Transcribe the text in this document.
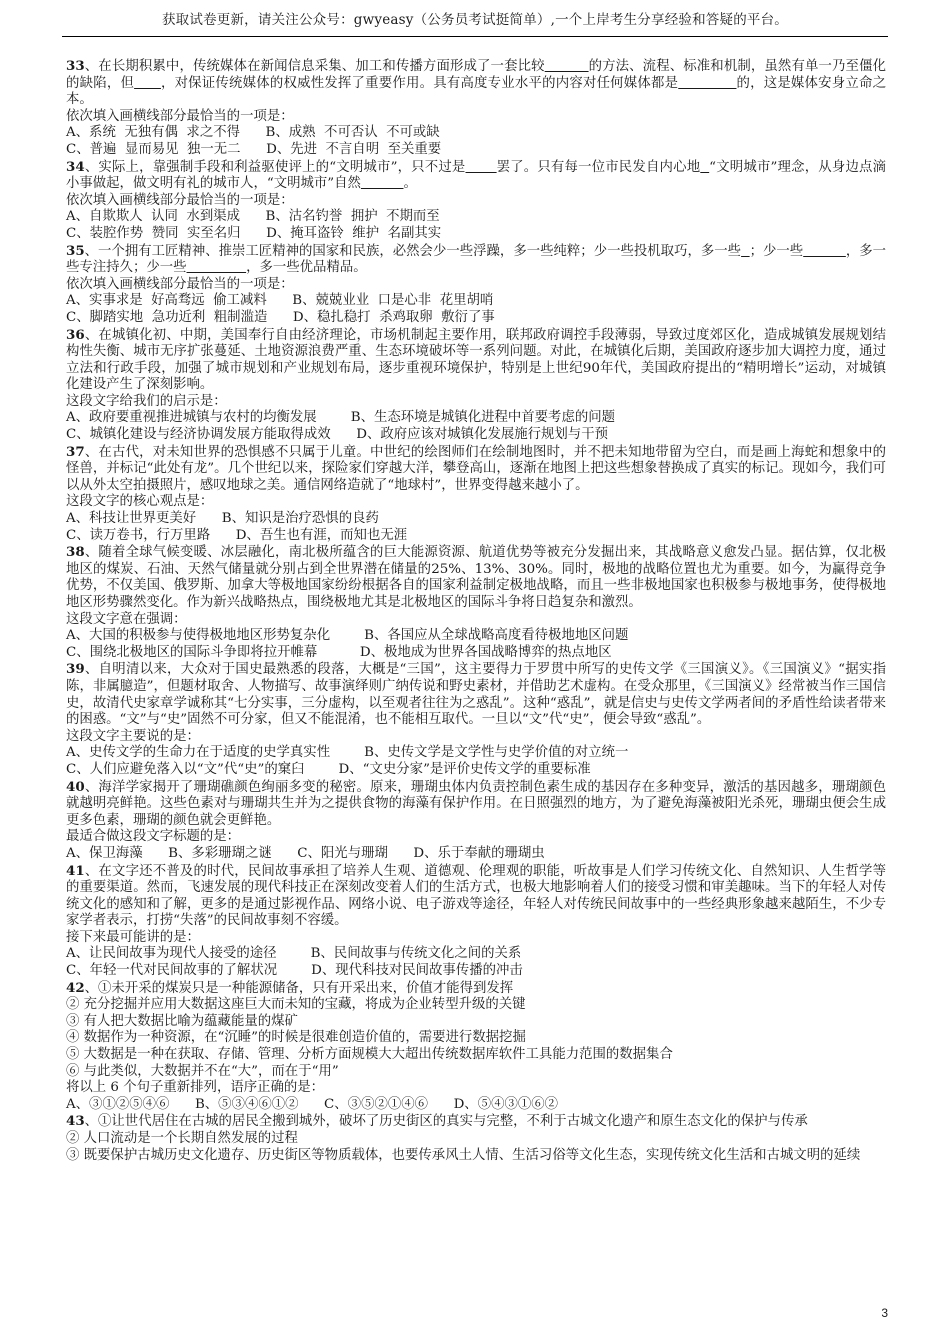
获取试卷更新，请关注公众号：gwyeasy（公务员考试挺简单）,一个上岸考生分享经验和答疑的平台。

33、在长期积累中，传统媒体在新闻信息采集、加工和传播方面形成了一套比较	的方法、流程、标准和机制，虽然有单一乃至僵化的缺陷，但 ，对保证传统媒体的权威性发挥了重要作用。具有高度专业水平的内容对任何媒体都是	的，这是媒体安身立命之本。

依次填入画横线部分最恰当的一项是：

A、系统  无独有偶  求之不得      B、成熟  不可否认  不可或缺

C、普遍  显而易见  独一无二      D、先进  不言自明  至关重要

34、实际上，靠强制手段和利益驱使评上的“文明城市”，只不过是 罢了。只有每一位市民发自内心地 “文明城市”理念，从身边点滴小事做起，做文明有礼的城市人，“文明城市”自然	。

依次填入画横线部分最恰当的一项是：

A、自欺欺人  认同  水到渠成      B、沽名钓誉  拥护  不期而至

C、装腔作势  赞同  实至名归      D、掩耳盗铃  维护  名副其实

35、一个拥有工匠精神、推崇工匠精神的国家和民族，必然会少一些浮躁，多一些纯粹；少一些投机取巧，多一些 ；少一些	，多一些专注持久；少一些	，多一些优品精品。

依次填入画横线部分最恰当的一项是：

A、实事求是  好高骛远  偷工减料      B、兢兢业业  口是心非  花里胡哨

C、脚踏实地  急功近利  粗制滥造      D、稳扎稳打  杀鸡取卵  敷衍了事

36、在城镇化初、中期，美国奉行自由经济理论，市场机制起主要作用，联邦政府调控手段薄弱，导致过度郊区化，造成城镇发展规划结构性失衡、城市无序扩张蔓延、土地资源浪费严重、生态环境破坏等一系列问题。对此，在城镇化后期，美国政府逐步加大调控力度，通过立法和行政手段，加强了城市规划和产业规划布局，逐步重视环境保护，特别是上世纪90年代，美国政府提出的“精明增长”运动，对城镇化建设产生了深刻影响。

这段文字给我们的启示是：

A、政府要重视推进城镇与农村的均衡发展        B、生态环境是城镇化进程中首要考虑的问题

C、城镇化建设与经济协调发展方能取得成效      D、政府应该对城镇化发展施行规划与干预

37、在古代，对未知世界的恐惧感不只属于儿童。中世纪的绘图师们在绘制地图时，并不把未知地带留为空白，而是画上海蛇和想象中的怪兽，并标记“此处有龙”。几个世纪以来，探险家们穿越大洋，攀登高山，逐渐在地图上把这些想象替换成了真实的标记。现如今，我们可以从外太空拍摄照片，感叹地球之美。通信网络造就了“地球村”，世界变得越来越小了。

这段文字的核心观点是：

A、科技让世界更美好      B、知识是治疗恐惧的良药

C、读万卷书，行万里路      D、吾生也有涯，而知也无涯

38、随着全球气候变暖、冰层融化，南北极所蕴含的巨大能源资源、航道优势等被充分发掘出来，其战略意义愈发凸显。据估算，仅北极地区的煤炭、石油、天然气储量就分别占到全世界潜在储量的25%、13%、30%。同时，极地的战略位置也尤为重要。如今，为赢得竞争优势，不仅美国、俄罗斯、加拿大等极地国家纷纷根据各自的国家利益制定极地战略，而且一些非极地国家也积极参与极地事务，使得极地地区形势骤然变化。作为新兴战略热点，围绕极地尤其是北极地区的国际斗争将日趋复杂和激烈。

这段文字意在强调：

A、大国的积极参与使得极地地区形势复杂化        B、各国应从全球战略高度看待极地地区问题

C、围绕北极地区的国际斗争即将拉开帷幕          D、极地成为世界各国战略博弈的热点地区

39、自明清以来，大众对于国史最熟悉的段落，大概是“三国”，这主要得力于罗贯中所写的史传文学《三国演义》。《三国演义》“据实指陈，非属臆造”，但题材取舍、人物描写、故事演绎则广纳传说和野史素材，并借助艺术虚构。在受众那里，《三国演义》经常被当作三国信史，故清代史家章学诚称其“七分实事，三分虚构，以至观者往往为之惑乱”。这种“惑乱”，就是信史与史传文学两者间的矛盾性给读者带来的困惑。“文”与“史”固然不可分家，但又不能混淆，也不能相互取代。一旦以“文”代“史”，便会导致“惑乱”。

这段文字主要说的是：

A、史传文学的生命力在于适度的史学真实性        B、史传文学是文学性与史学价值的对立统一

C、人们应避免落入以“文”代“史”的窠臼        D、“文史分家”是评价史传文学的重要标准

40、海洋学家揭开了珊瑚礁颜色绚丽多变的秘密。原来，珊瑚虫体内负责控制色素生成的基因存在多种变异，激活的基因越多，珊瑚颜色就越明亮鲜艳。这些色素对与珊瑚共生并为之提供食物的海藻有保护作用。在日照强烈的地方，为了避免海藻被阳光杀死，珊瑚虫便会生成更多色素，珊瑚的颜色就会更鲜艳。

最适合做这段文字标题的是：

A、保卫海藻      B、多彩珊瑚之谜      C、阳光与珊瑚      D、乐于奉献的珊瑚虫

41、在文字还不普及的时代，民间故事承担了培养人生观、道德观、伦理观的职能，听故事是人们学习传统文化、自然知识、人生哲学等的重要渠道。然而，飞速发展的现代科技正在深刻改变着人们的生活方式，也极大地影响着人们的接受习惯和审美趣味。当下的年轻人对传统文化的感知和了解，更多的是通过影视作品、网络小说、电子游戏等途径，年轻人对传统民间故事中的一些经典形象越来越陌生，不少专家学者表示，打捞“失落”的民间故事刻不容缓。

接下来最可能讲的是：

A、让民间故事为现代人接受的途径        B、民间故事与传统文化之间的关系

C、年轻一代对民间故事的了解状况        D、现代科技对民间故事传播的冲击

42、①未开采的煤炭只是一种能源储备，只有开采出来，价值才能得到发挥

② 充分挖掘并应用大数据这座巨大而未知的宝藏，将成为企业转型升级的关键

③ 有人把大数据比喻为蕴藏能量的煤矿

④ 数据作为一种资源，在“沉睡”的时候是很难创造价值的，需要进行数据挖掘

⑤ 大数据是一种在获取、存储、管理、分析方面规模大大超出传统数据库软件工具能力范围的数据集合

⑥ 与此类似，大数据并不在“大”，而在于“用”

将以上 6 个句子重新排列，语序正确的是：

A、③①②⑤④⑥      B、⑤③④⑥①②      C、③⑤②①④⑥      D、⑤④③①⑥②

43、①让世代居住在古城的居民全搬到城外，破坏了历史街区的真实与完整，不利于古城文化遗产和原生态文化的保护与传承

② 人口流动是一个长期自然发展的过程

③ 既要保护古城历史文化遗存、历史街区等物质载体，也要传承风土人情、生活习俗等文化生态，实现传统文化生活和古城文明的延续

3
